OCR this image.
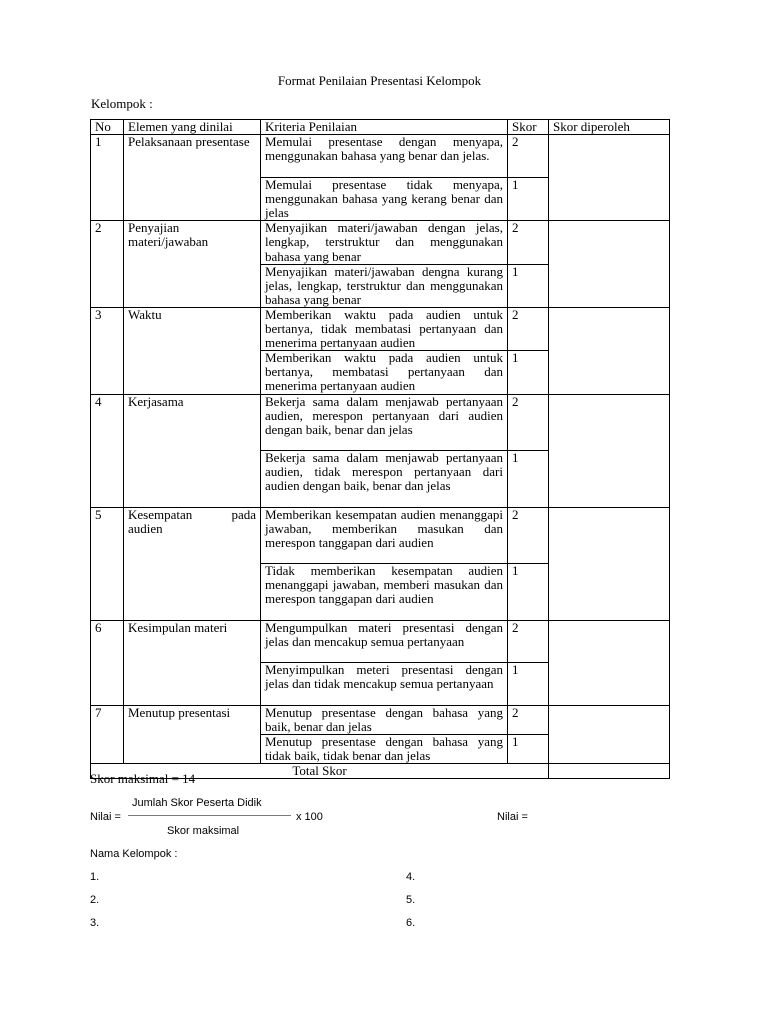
Format Penilaian Presentasi Kelompok
Kelompok :
No	Elemen yang dinilai	Kriteria Penilaian	Skor	Skor diperoleh
1	Pelaksanaan presentase	Memulai presentase dengan menyapa, menggunakan bahasa yang benar dan jelas.	2	
		Memulai presentase tidak menyapa, menggunakan bahasa yang kerang benar dan jelas	1	
2	Penyajian materi/jawaban	Menyajikan materi/jawaban dengan jelas, lengkap, terstruktur dan menggunakan bahasa yang benar	2	
		Menyajikan materi/jawaban dengna kurang jelas, lengkap, terstruktur dan menggunakan bahasa yang benar	1	
3	Waktu	Memberikan waktu pada audien untuk bertanya, tidak membatasi pertanyaan dan menerima pertanyaan audien	2	
		Memberikan waktu pada audien untuk bertanya, membatasi pertanyaan dan menerima pertanyaan audien	1	
4	Kerjasama	Bekerja sama dalam menjawab pertanyaan audien, merespon pertanyaan dari audien dengan baik, benar dan jelas	2	
		Bekerja sama dalam menjawab pertanyaan audien, tidak merespon pertanyaan dari audien dengan baik, benar dan jelas	1	
5	Kesempatan pada audien	Memberikan kesempatan audien menanggapi jawaban, memberikan masukan dan merespon tanggapan dari audien	2	
		Tidak memberikan kesempatan audien menanggapi jawaban, memberi masukan dan merespon tanggapan dari audien	1	
6	Kesimpulan materi	Mengumpulkan materi presentasi dengan jelas dan mencakup semua pertanyaan	2	
		Menyimpulkan meteri presentasi dengan jelas dan tidak mencakup semua pertanyaan	1	
7	Menutup presentasi	Menutup presentase dengan bahasa yang baik, benar dan jelas	2	
		Menutup presentase dengan bahasa yang tidak baik, tidak benar dan jelas	1	
Total Skor				
Skor maksimal = 14
Jumlah Skor Peserta Didik
Nilai =	x 100
Skor maksimal
Nilai =
Nama Kelompok :
1.
2.
3.
4.
5.
6.
